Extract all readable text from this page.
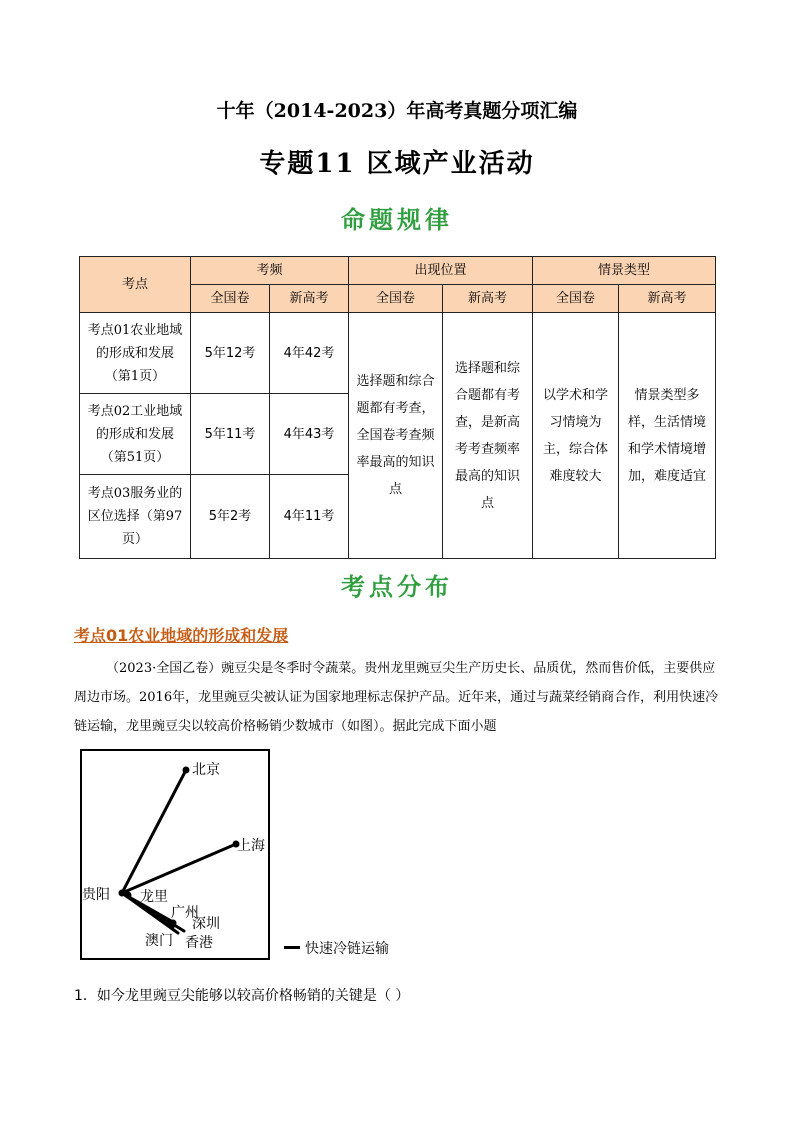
十年（2014-2023）年高考真题分项汇编
专题11 区域产业活动
命题规律
考点	考频		出现位置		情景类型	
	全国卷	新高考	全国卷	新高考	全国卷	新高考
考点01农业地域的形成和发展（第1页）	5年12考	4年42考	选择题和综合题都有考查，全国卷考查频率最高的知识点	选择题和综合题都有考查，是新高考考查频率最高的知识点	以学术和学习情境为主，综合体难度较大	情景类型多样，生活情境和学术情境增加，难度适宜
考点02工业地域的形成和发展（第51页）	5年11考	4年43考				
考点03服务业的区位选择（第97页）	5年2考	4年11考				
考点分布
考点01农业地域的形成和发展
（2023·全国乙卷）豌豆尖是冬季时令蔬菜。贵州龙里豌豆尖生产历史长、品质优，然而售价低，主要供应周边市场。2016年，龙里豌豆尖被认证为国家地理标志保护产品。近年来，通过与蔬菜经销商合作，利用快速冷链运输，龙里豌豆尖以较高价格畅销少数城市（如图）。据此完成下面小题
北京
上海
贵阳 龙里
广州
深圳
澳门 香港	快速冷链运输
1．如今龙里豌豆尖能够以较高价格畅销的关键是（ ）
